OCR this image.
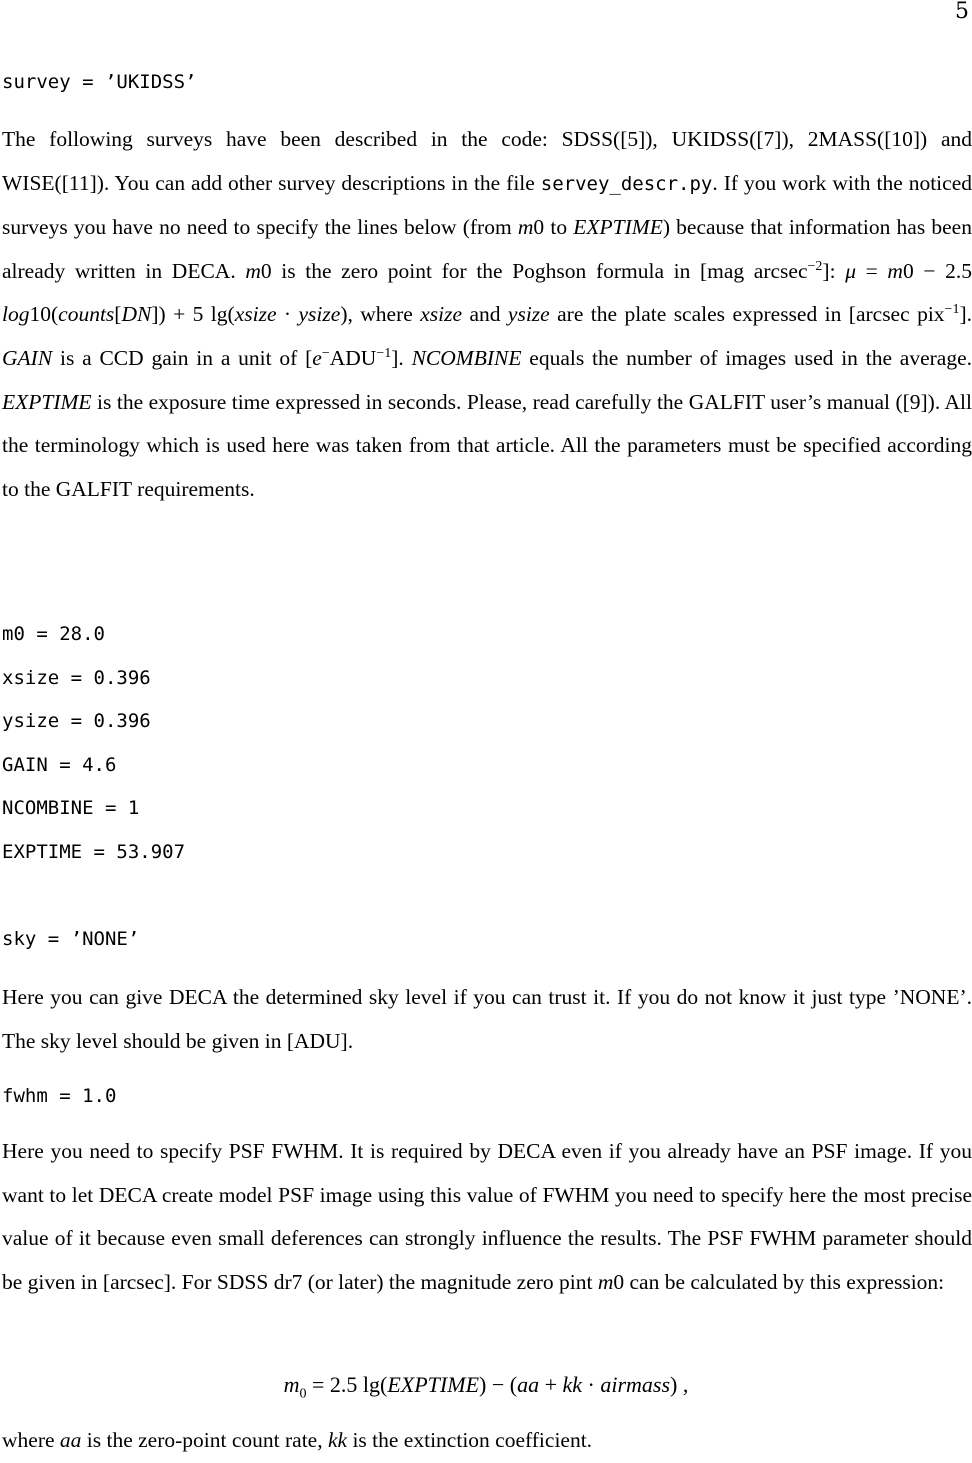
5
survey = ’UKIDSS’

The following surveys have been described in the code: SDSS([5]), UKIDSS([7]), 2MASS([10]) and WISE([11]). You can add other survey descriptions in the file servey_descr.py. If you work with the noticed surveys you have no need to specify the lines below (from m0 to EXPTIME) because that information has been already written in DECA. m0 is the zero point for the Poghson formula in [mag arcsec$^{-2}$]: μ = m0 − 2.5 log10(counts[DN]) + 5 lg(xsize · ysize), where xsize and ysize are the plate scales expressed in [arcsec pix$^{-1}$]. GAIN is a CCD gain in a unit of $[e^-ADU^{-1}]$. NCOMBINE equals the number of images used in the average. EXPTIME is the exposure time expressed in seconds. Please, read carefully the GALFIT user’s manual ([9]). All the terminology which is used here was taken from that article. All the parameters must be specified according to the GALFIT requirements.

m0 = 28.0
xsize = 0.396
ysize = 0.396
GAIN = 4.6
NCOMBINE = 1
EXPTIME = 53.907
sky = ’NONE’

Here you can give DECA the determined sky level if you can trust it. If you do not know it just type ’NONE’. The sky level should be given in [ADU].

fwhm = 1.0

Here you need to specify PSF FWHM. It is required by DECA even if you already have an PSF image. If you want to let DECA create model PSF image using this value of FWHM you need to specify here the most precise value of it because even small deferences can strongly influence the results. The PSF FWHM parameter should be given in [arcsec]. For SDSS dr7 (or later) the magnitude zero pint m0 can be calculated by this expression:

$m_0 = 2.5$ lg(EXPTIME) − (aa + kk · airmass) ,

where aa is the zero-point count rate, kk is the extinction coefficient.
